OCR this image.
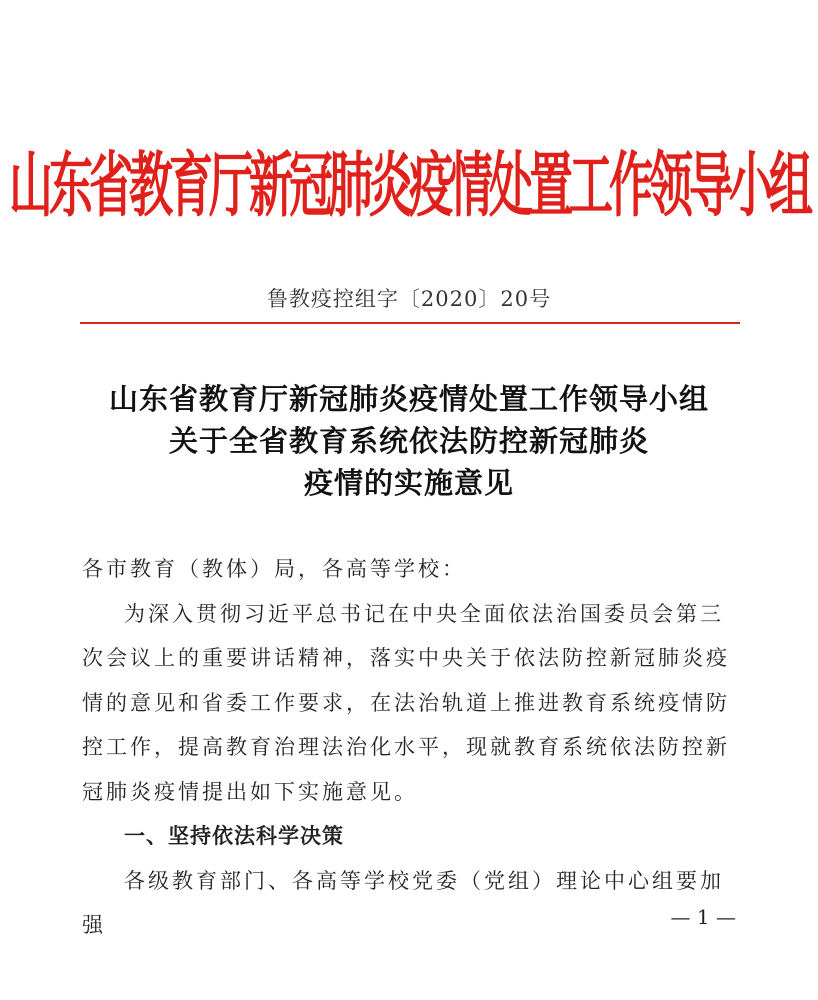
山东省教育厅新冠肺炎疫情处置工作领导小组
鲁教疫控组字〔2020〕20号
山东省教育厅新冠肺炎疫情处置工作领导小组
关于全省教育系统依法防控新冠肺炎
疫情的实施意见

各市教育（教体）局，各高等学校：

为深入贯彻习近平总书记在中央全面依法治国委员会第三次会议上的重要讲话精神，落实中央关于依法防控新冠肺炎疫情的意见和省委工作要求，在法治轨道上推进教育系统疫情防控工作，提高教育治理法治化水平，现就教育系统依法防控新冠肺炎疫情提出如下实施意见。

一、坚持依法科学决策

各级教育部门、各高等学校党委（党组）理论中心组要加强	— 1 —
